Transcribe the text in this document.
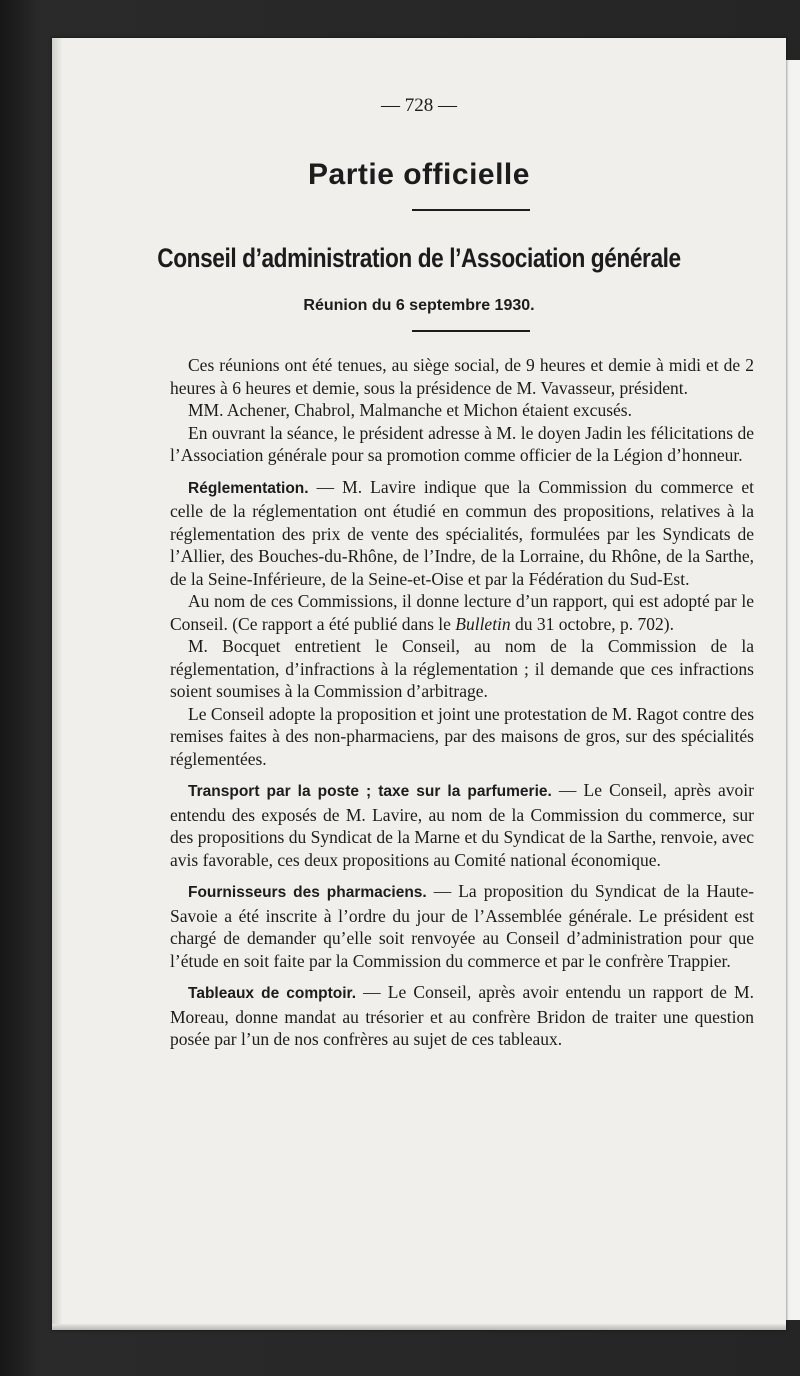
— 728 —
Partie officielle
Conseil d’administration de l’Association générale
Réunion du 6 septembre 1930.

Ces réunions ont été tenues, au siège social, de 9 heures et demie à midi et de 2 heures à 6 heures et demie, sous la présidence de M. Vavasseur, président.

MM. Achener, Chabrol, Malmanche et Michon étaient excusés.

En ouvrant la séance, le président adresse à M. le doyen Jadin les félicitations de l’Association générale pour sa promotion comme officier de la Légion d’honneur.

Réglementation. — M. Lavire indique que la Commission du commerce et celle de la réglementation ont étudié en commun des propositions, relatives à la réglementation des prix de vente des spécialités, formulées par les Syndicats de l’Allier, des Bouches-du-Rhône, de l’Indre, de la Lorraine, du Rhône, de la Sarthe, de la Seine-Inférieure, de la Seine-et-Oise et par la Fédération du Sud-Est.

Au nom de ces Commissions, il donne lecture d’un rapport, qui est adopté par le Conseil. (Ce rapport a été publié dans le Bulletin du 31 octobre, p. 702).

M. Bocquet entretient le Conseil, au nom de la Commission de la réglementation, d’infractions à la réglementation ; il demande que ces infractions soient soumises à la Commission d’arbitrage.

Le Conseil adopte la proposition et joint une protestation de M. Ragot contre des remises faites à des non-pharmaciens, par des maisons de gros, sur des spécialités réglementées.

Transport par la poste ; taxe sur la parfumerie. — Le Conseil, après avoir entendu des exposés de M. Lavire, au nom de la Commission du commerce, sur des propositions du Syndicat de la Marne et du Syndicat de la Sarthe, renvoie, avec avis favorable, ces deux propositions au Comité national économique.

Fournisseurs des pharmaciens. — La proposition du Syndicat de la Haute-Savoie a été inscrite à l’ordre du jour de l’Assemblée générale. Le président est chargé de demander qu’elle soit renvoyée au Conseil d’administration pour que l’étude en soit faite par la Commission du commerce et par le confrère Trappier.

Tableaux de comptoir. — Le Conseil, après avoir entendu un rapport de M. Moreau, donne mandat au trésorier et au confrère Bridon de traiter une question posée par l’un de nos confrères au sujet de ces tableaux.
